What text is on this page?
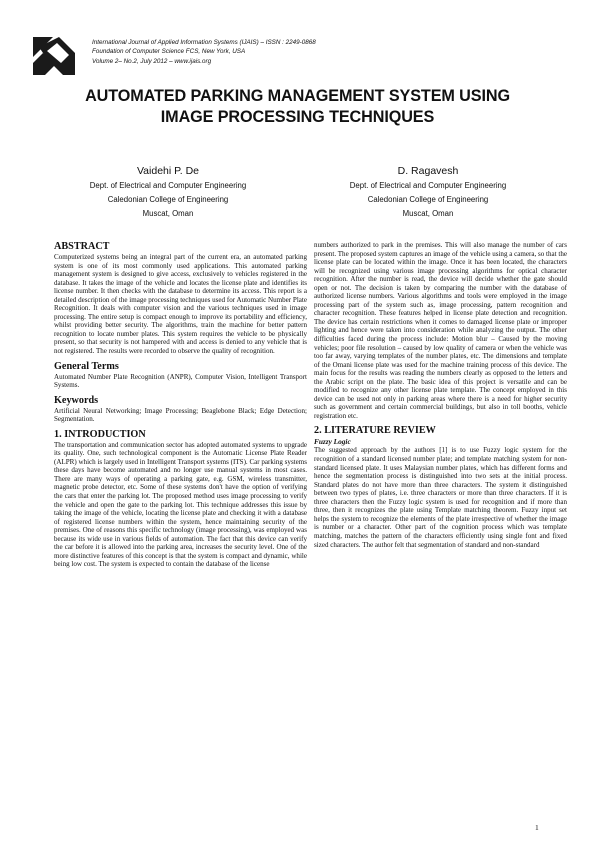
International Journal of Applied Information Systems (IJAIS) – ISSN : 2249-0868
Foundation of Computer Science FCS, New York, USA
Volume 2– No.2, July 2012 – www.ijais.org
AUTOMATED PARKING MANAGEMENT SYSTEM USING
IMAGE PROCESSING TECHNIQUES
Vaidehi P. De
Dept. of Electrical and Computer Engineering
Caledonian College of Engineering
Muscat, Oman
D. Ragavesh
Dept. of Electrical and Computer Engineering
Caledonian College of Engineering
Muscat, Oman
ABSTRACT

Computerized systems being an integral part of the current era, an automated parking system is one of its most commonly used applications. This automated parking management system is designed to give access, exclusively to vehicles registered in the database. It takes the image of the vehicle and locates the license plate and identifies its license number. It then checks with the database to determine its access. This report is a detailed description of the image processing techniques used for Automatic Number Plate Recognition. It deals with computer vision and the various techniques used in image processing. The entire setup is compact enough to improve its portability and efficiency, whilst providing better security. The algorithms, train the machine for better pattern recognition to locate number plates. This system requires the vehicle to be physically present, so that security is not hampered with and access is denied to any vehicle that is not registered. The results were recorded to observe the quality of recognition.

General Terms

Automated Number Plate Recognition (ANPR), Computer Vision, Intelligent Transport Systems.

Keywords

Artificial Neural Networking; Image Processing; Beaglebone Black; Edge Detection; Segmentation.

1. INTRODUCTION

The transportation and communication sector has adopted automated systems to upgrade its quality. One, such technological component is the Automatic License Plate Reader (ALPR) which is largely used in Intelligent Transport systems (ITS). Car parking systems these days have become automated and no longer use manual systems in most cases. There are many ways of operating a parking gate, e.g. GSM, wireless transmitter, magnetic probe detector, etc. Some of these systems don't have the option of verifying the cars that enter the parking lot. The proposed method uses image processing to verify the vehicle and open the gate to the parking lot. This technique addresses this issue by taking the image of the vehicle, locating the license plate and checking it with a database of registered license numbers within the system, hence maintaining security of the premises. One of reasons this specific technology (image processing), was employed was because its wide use in various fields of automation. The fact that this device can verify the car before it is allowed into the parking area, increases the security level. One of the more distinctive features of this concept is that the system is compact and dynamic, while being low cost. The system is expected to contain the database of the license

numbers authorized to park in the premises. This will also manage the number of cars present. The proposed system captures an image of the vehicle using a camera, so that the license plate can be located within the image. Once it has been located, the characters will be recognized using various image processing algorithms for optical character recognition. After the number is read, the device will decide whether the gate should open or not. The decision is taken by comparing the number with the database of authorized license numbers. Various algorithms and tools were employed in the image processing part of the system such as, image processing, pattern recognition and character recognition. These features helped in license plate detection and recognition. The device has certain restrictions when it comes to damaged license plate or improper lighting and hence were taken into consideration while analyzing the output. The other difficulties faced during the process include: Motion blur – Caused by the moving vehicles; poor file resolution – caused by low quality of camera or when the vehicle was too far away, varying templates of the number plates, etc. The dimensions and template of the Omani license plate was used for the machine training process of this device. The main focus for the results was reading the numbers clearly as opposed to the letters and the Arabic script on the plate. The basic idea of this project is versatile and can be modified to recognize any other license plate template. The concept employed in this device can be used not only in parking areas where there is a need for higher security such as government and certain commercial buildings, but also in toll booths, vehicle registration etc.

2. LITERATURE REVIEW
Fuzzy Logic

The suggested approach by the authors [1] is to use Fuzzy logic system for the recognition of a standard licensed number plate; and template matching system for non-standard licensed plate. It uses Malaysian number plates, which has different forms and hence the segmentation process is distinguished into two sets at the initial process. Standard plates do not have more than three characters. The system it distinguished between two types of plates, i.e. three characters or more than three characters. If it is three characters then the Fuzzy logic system is used for recognition and if more than three, then it recognizes the plate using Template matching theorem. Fuzzy input set helps the system to recognize the elements of the plate irrespective of whether the image is number or a character. Other part of the cognition process which was template matching, matches the pattern of the characters efficiently using single font and fixed sized characters. The author felt that segmentation of standard and non-standard

1
